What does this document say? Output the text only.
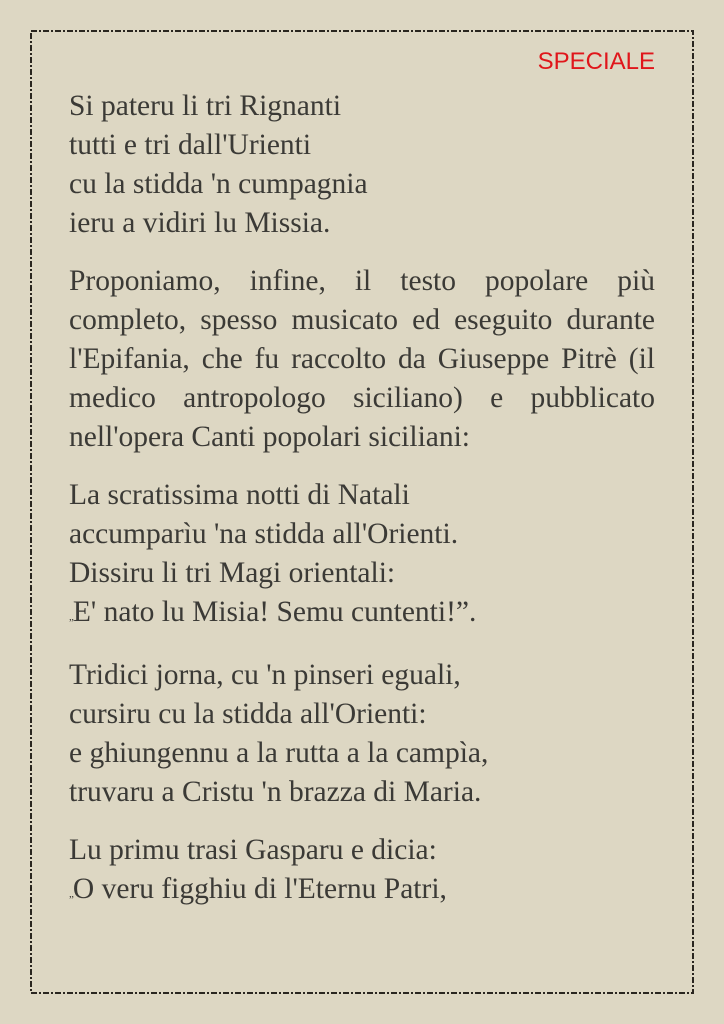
SPECIALE
Si pateru li tri Rignanti
tutti e tri dall'Urienti
cu la stidda 'n cumpagnia
ieru a vidiri lu Missia.

Proponiamo, infine, il testo popolare più completo, spesso musicato ed eseguito durante l'Epifania, che fu raccolto da Giuseppe Pitrè (il medico antropologo siciliano) e pubblicato nell'opera Canti popolari siciliani:

La scratissima notti di Natali
accumparìu 'na stidda all'Orienti.
Dissiru li tri Magi orientali:
„E' nato lu Misia! Semu cuntenti!”.
Tridici jorna, cu 'n pinseri eguali,
cursiru cu la stidda all'Orienti:
e ghiungennu a la rutta a la campìa,
truvaru a Cristu 'n brazza di Maria.
Lu primu trasi Gasparu e dicia:
„O veru figghiu di l'Eternu Patri,
